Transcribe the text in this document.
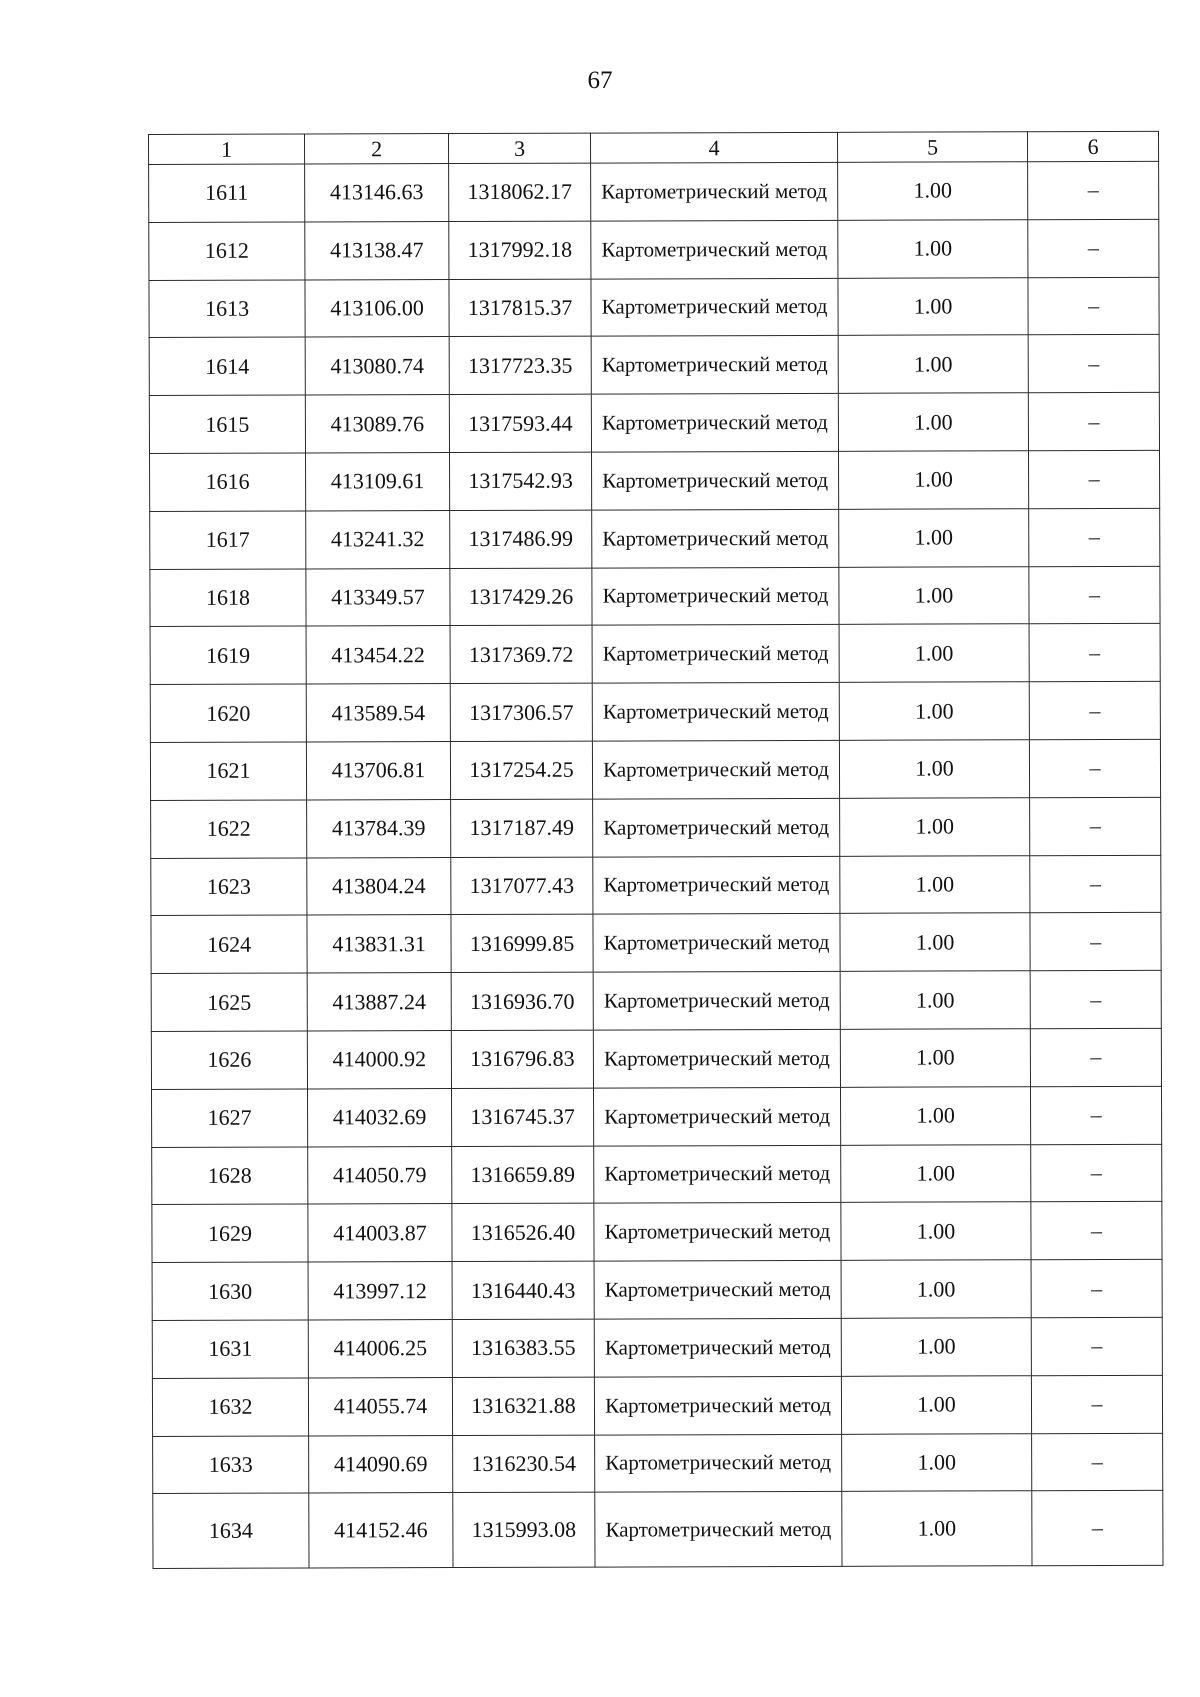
67
1	2	3	4	5	6
1611	413146.63	1318062.17	Картометрический метод	1.00	–
1612	413138.47	1317992.18	Картометрический метод	1.00	–
1613	413106.00	1317815.37	Картометрический метод	1.00	–
1614	413080.74	1317723.35	Картометрический метод	1.00	–
1615	413089.76	1317593.44	Картометрический метод	1.00	–
1616	413109.61	1317542.93	Картометрический метод	1.00	–
1617	413241.32	1317486.99	Картометрический метод	1.00	–
1618	413349.57	1317429.26	Картометрический метод	1.00	–
1619	413454.22	1317369.72	Картометрический метод	1.00	–
1620	413589.54	1317306.57	Картометрический метод	1.00	–
1621	413706.81	1317254.25	Картометрический метод	1.00	–
1622	413784.39	1317187.49	Картометрический метод	1.00	–
1623	413804.24	1317077.43	Картометрический метод	1.00	–
1624	413831.31	1316999.85	Картометрический метод	1.00	–
1625	413887.24	1316936.70	Картометрический метод	1.00	–
1626	414000.92	1316796.83	Картометрический метод	1.00	–
1627	414032.69	1316745.37	Картометрический метод	1.00	–
1628	414050.79	1316659.89	Картометрический метод	1.00	–
1629	414003.87	1316526.40	Картометрический метод	1.00	–
1630	413997.12	1316440.43	Картометрический метод	1.00	–
1631	414006.25	1316383.55	Картометрический метод	1.00	–
1632	414055.74	1316321.88	Картометрический метод	1.00	–
1633	414090.69	1316230.54	Картометрический метод	1.00	–
1634	414152.46	1315993.08	Картометрический метод	1.00	–
